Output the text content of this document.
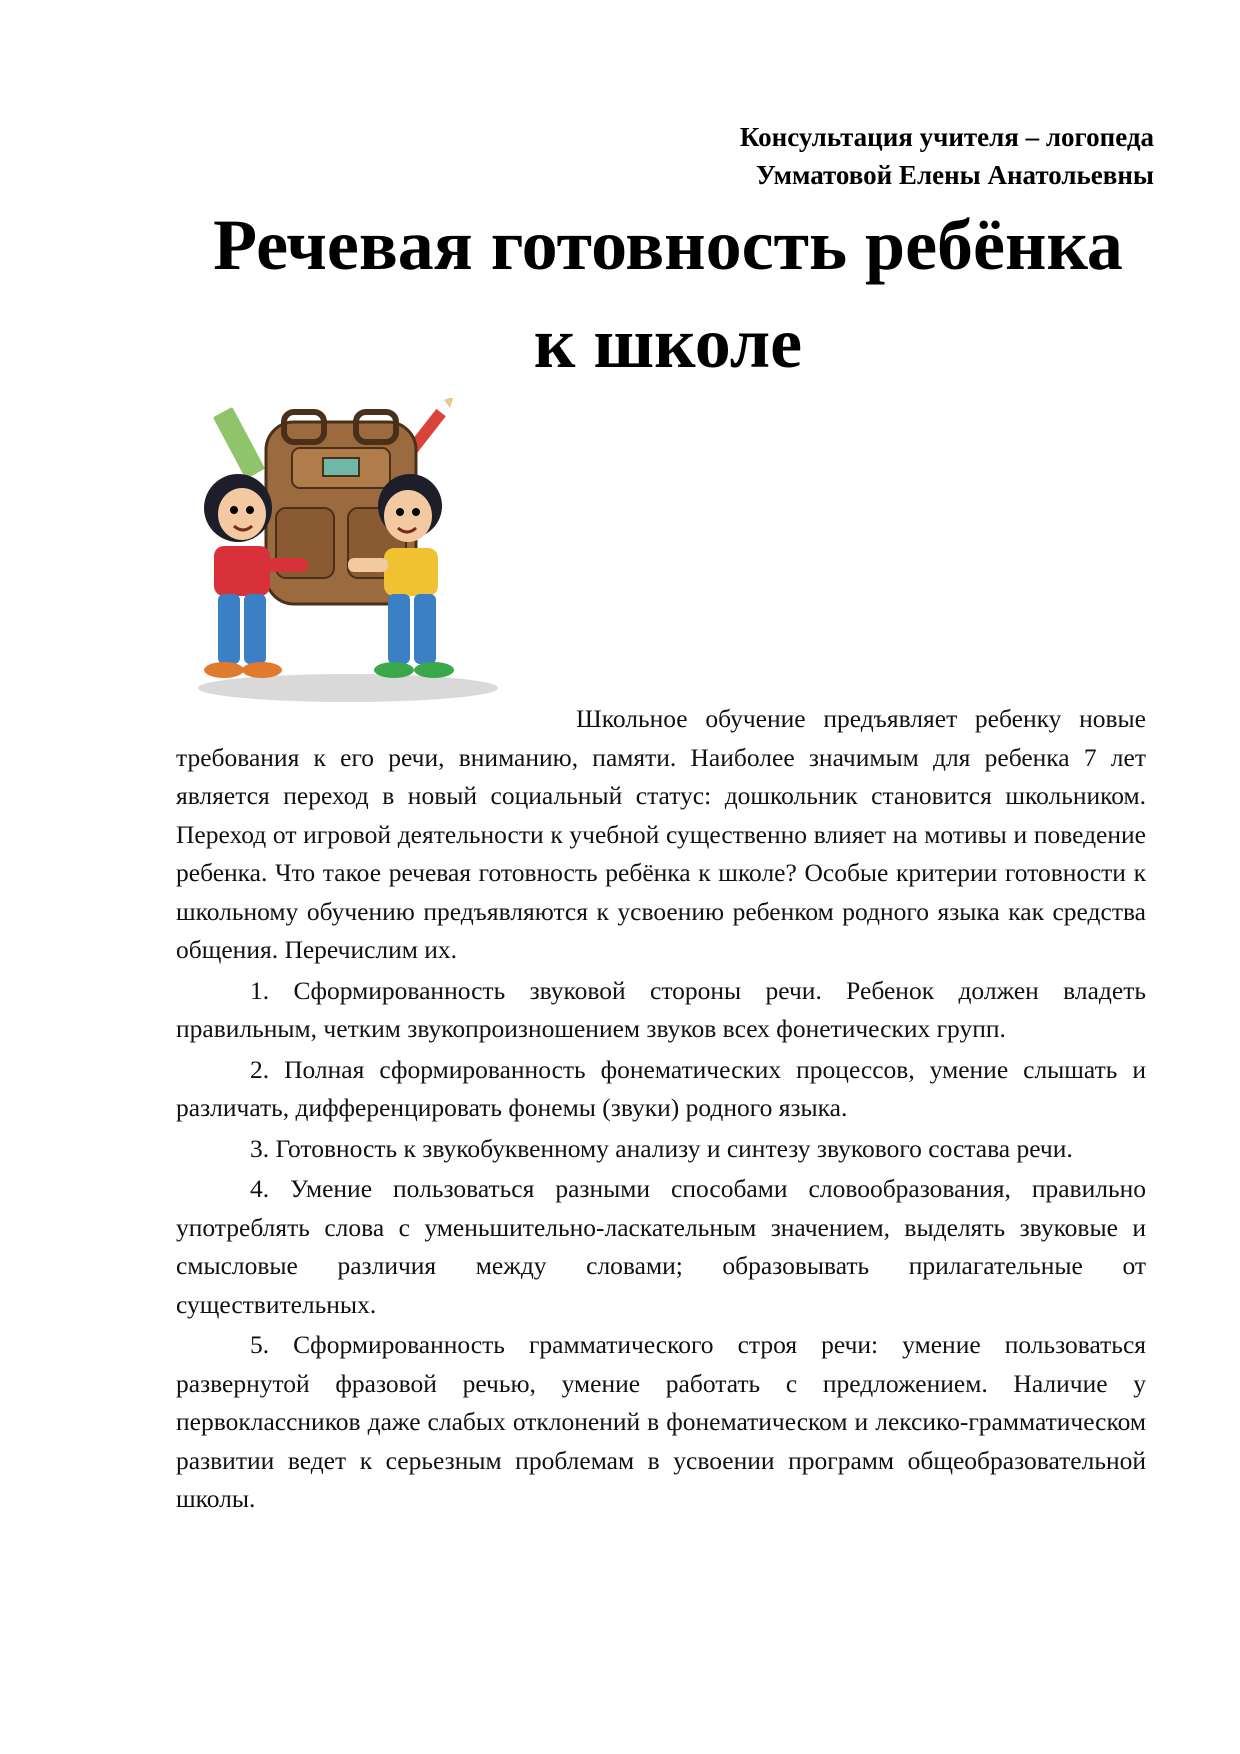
Консультация учителя – логопеда
Умматовой Елены Анатольевны
Речевая готовность ребёнка
к школе

Школьное обучение предъявляет ребенку новые требования к его речи, вниманию, памяти. Наиболее значимым для ребенка 7 лет является переход в новый социальный статус: дошкольник становится школьником. Переход от игровой деятельности к учебной существенно влияет на мотивы и поведение ребенка. Что такое речевая готовность ребёнка к школе? Особые критерии готовности к школьному обучению предъявляются к усвоению ребенком родного языка как средства общения. Перечислим их.

1. Сформированность звуковой стороны речи. Ребенок должен владеть правильным, четким звукопроизношением звуков всех фонетических групп.

2. Полная сформированность фонематических процессов, умение слышать и различать, дифференцировать фонемы (звуки) родного языка.

3. Готовность к звукобуквенному анализу и синтезу звукового состава речи.

4. Умение пользоваться разными способами словообразования, правильно употреблять слова с уменьшительно-ласкательным значением, выделять звуковые и смысловые различия между словами; образовывать прилагательные от существительных.

5. Сформированность грамматического строя речи: умение пользоваться развернутой фразовой речью, умение работать с предложением. Наличие у первоклассников даже слабых отклонений в фонематическом и лексико-грамматическом развитии ведет к серьезным проблемам в усвоении программ общеобразовательной школы.
